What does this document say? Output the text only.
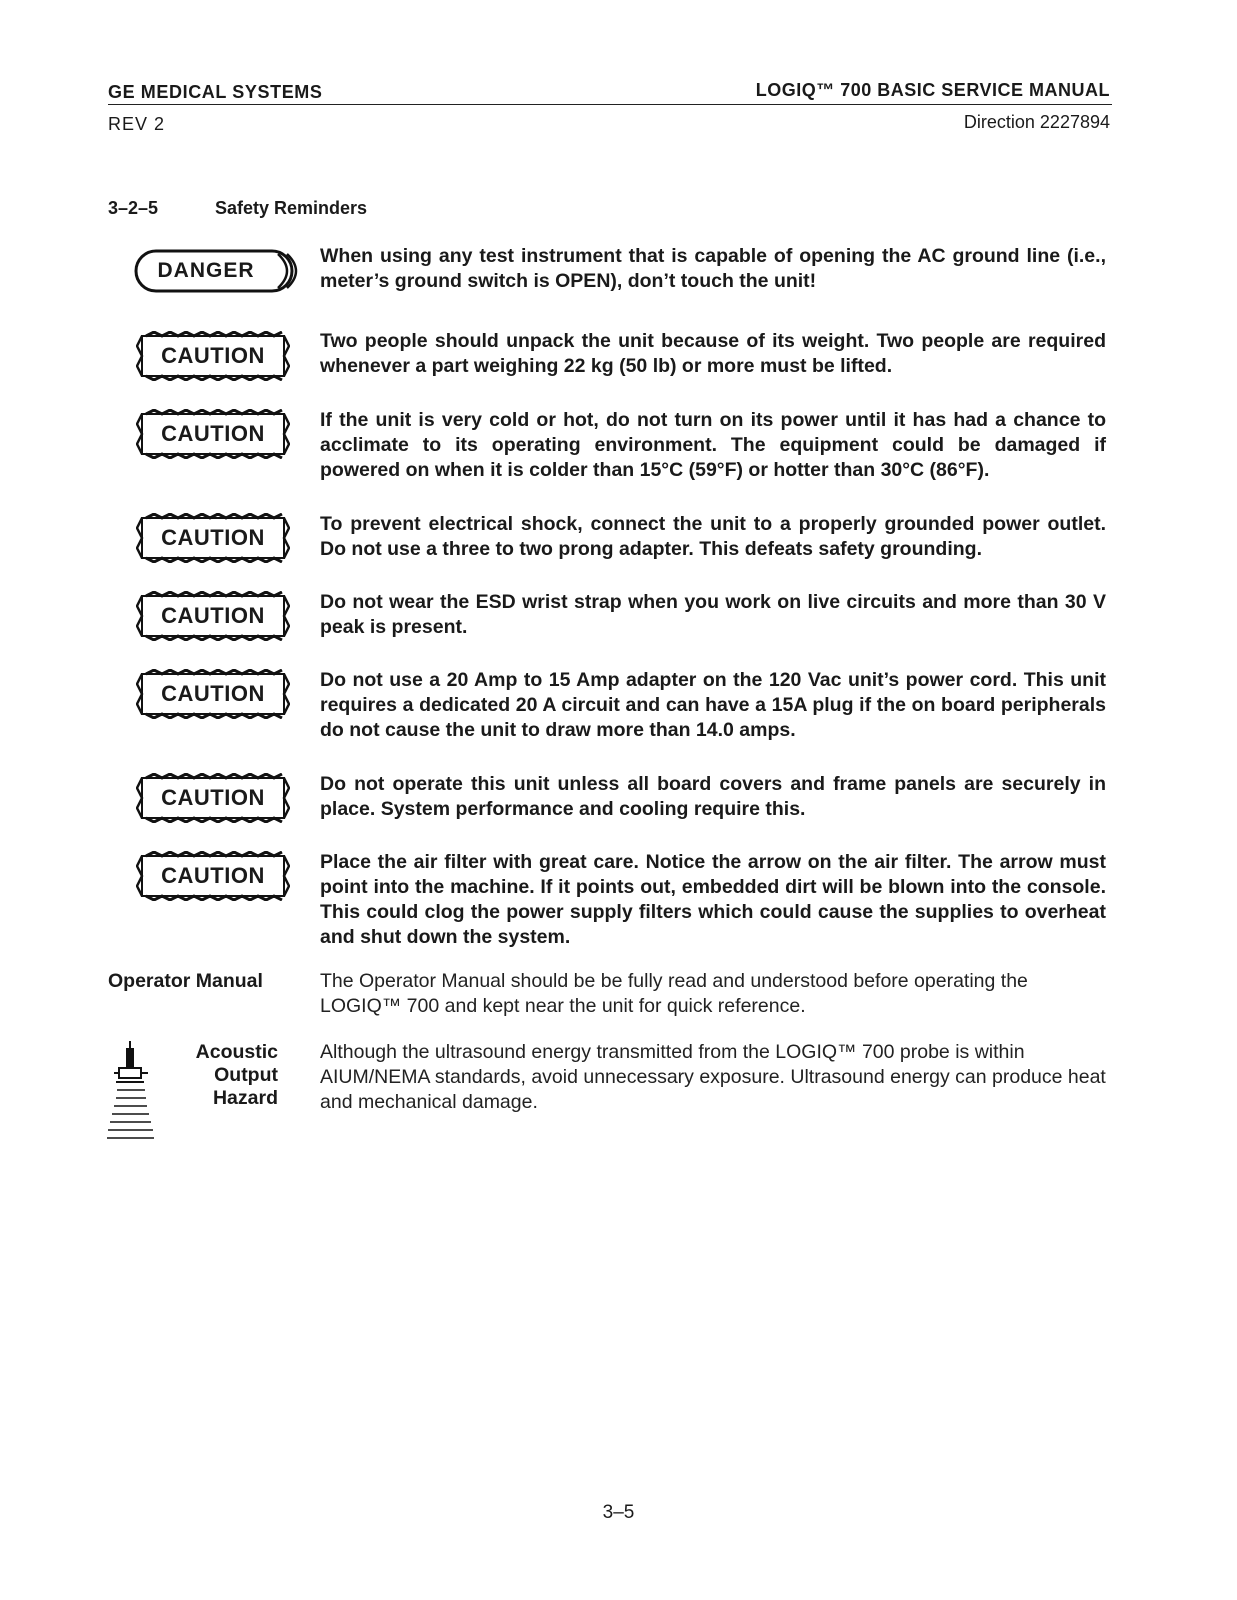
GE MEDICAL SYSTEMS	LOGIQ™ 700 BASIC SERVICE MANUAL
REV 2	Direction 2227894
3–2–5	Safety Reminders
DANGER
When using any test instrument that is capable of opening the AC ground line (i.e., meter’s ground switch is OPEN), don’t touch the unit!
CAUTION
Two people should unpack the unit because of its weight. Two people are required whenever a part weighing 22 kg (50 lb) or more must be lifted.
CAUTION
If the unit is very cold or hot, do not turn on its power until it has had a chance to acclimate to its operating environment. The equipment could be damaged if powered on when it is colder than 15°C (59°F) or hotter than 30°C (86°F).
CAUTION
To prevent electrical shock, connect the unit to a properly grounded power outlet. Do not use a three to two prong adapter. This defeats safety grounding.
CAUTION
Do not wear the ESD wrist strap when you work on live circuits and more than 30 V peak is present.
CAUTION
Do not use a 20 Amp to 15 Amp adapter on the 120 Vac unit’s power cord. This unit requires a dedicated 20 A circuit and can have a 15A plug if the on board peripherals do not cause the unit to draw more than 14.0 amps.
CAUTION
Do not operate this unit unless all board covers and frame panels are securely in place. System performance and cooling require this.
CAUTION
Place the air filter with great care. Notice the arrow on the air filter. The arrow must point into the machine. If it points out, embedded dirt will be blown into the console. This could clog the power supply filters which could cause the supplies to overheat and shut down the system.
Operator Manual	The Operator Manual should be be fully read and understood before operating the LOGIQ™ 700 and kept near the unit for quick reference.
Acoustic
Output
Hazard
Although the ultrasound energy transmitted from the LOGIQ™ 700 probe is within AIUM/NEMA standards, avoid unnecessary exposure. Ultrasound energy can produce heat and mechanical damage.
3–5
